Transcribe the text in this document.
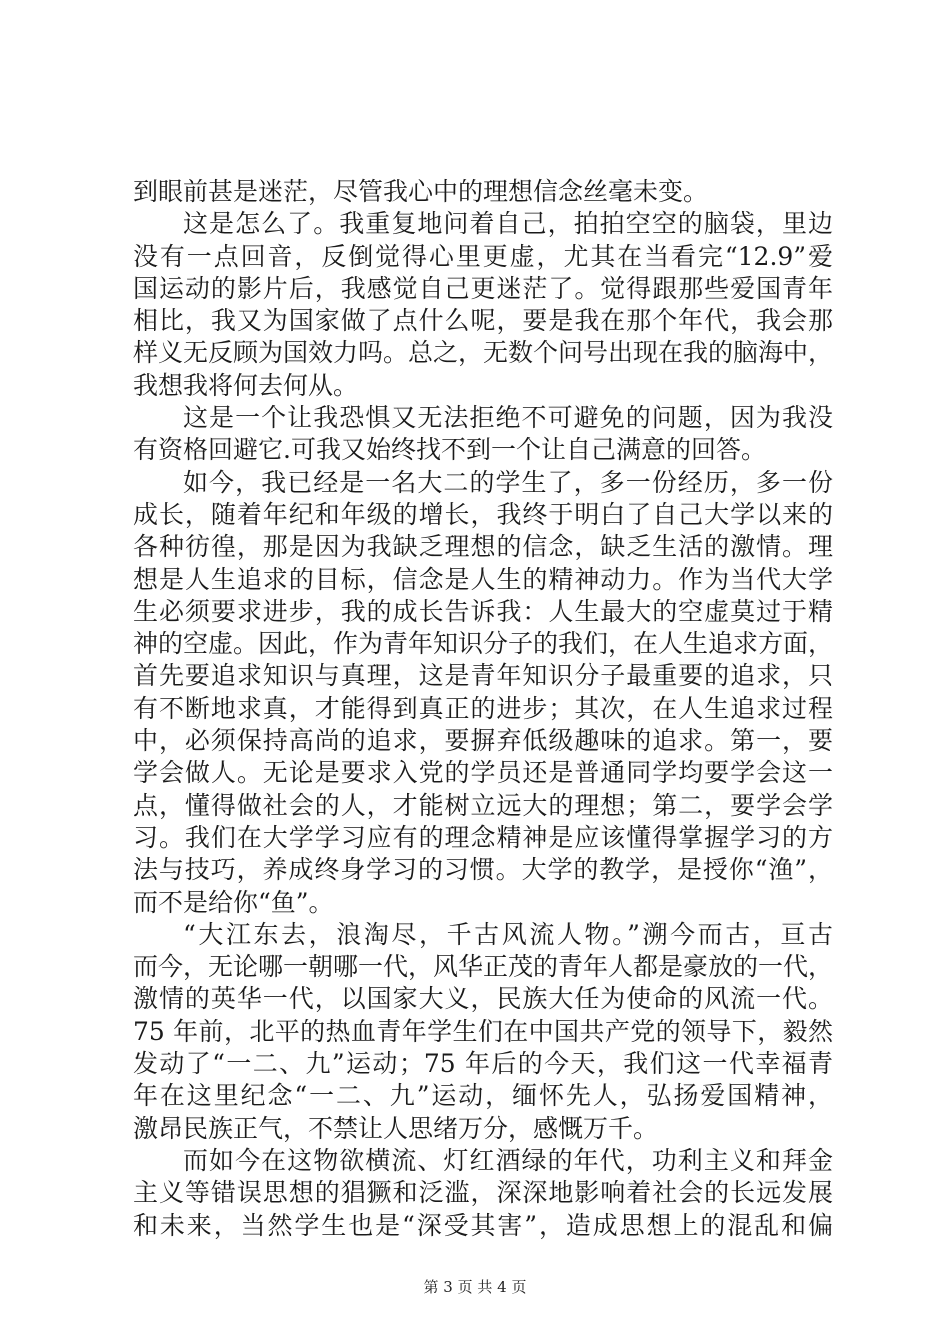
到眼前甚是迷茫，尽管我心中的理想信念丝毫未变。
这是怎么了。我重复地问着自己，拍拍空空的脑袋，里边
没有一点回音，反倒觉得心里更虚，尤其在当看完“12.9”爱
国运动的影片后，我感觉自己更迷茫了。觉得跟那些爱国青年
相比，我又为国家做了点什么呢，要是我在那个年代，我会那
样义无反顾为国效力吗。总之，无数个问号出现在我的脑海中，
我想我将何去何从。
这是一个让我恐惧又无法拒绝不可避免的问题，因为我没
有资格回避它.可我又始终找不到一个让自己满意的回答。
如今，我已经是一名大二的学生了，多一份经历，多一份
成长，随着年纪和年级的增长，我终于明白了自己大学以来的
各种彷徨，那是因为我缺乏理想的信念，缺乏生活的激情。理
想是人生追求的目标，信念是人生的精神动力。作为当代大学
生必须要求进步，我的成长告诉我：人生最大的空虚莫过于精
神的空虚。因此，作为青年知识分子的我们，在人生追求方面，
首先要追求知识与真理，这是青年知识分子最重要的追求，只
有不断地求真，才能得到真正的进步；其次，在人生追求过程
中，必须保持高尚的追求，要摒弃低级趣味的追求。第一，要
学会做人。无论是要求入党的学员还是普通同学均要学会这一
点，懂得做社会的人，才能树立远大的理想；第二，要学会学
习。我们在大学学习应有的理念精神是应该懂得掌握学习的方
法与技巧，养成终身学习的习惯。大学的教学，是授你“渔”，
而不是给你“鱼”。
“大江东去，浪淘尽，千古风流人物。”溯今而古，亘古
而今，无论哪一朝哪一代，风华正茂的青年人都是豪放的一代，
激情的英华一代，以国家大义，民族大任为使命的风流一代。
75 年前，北平的热血青年学生们在中国共产党的领导下，毅然
发动了“一二、九”运动；75 年后的今天，我们这一代幸福青
年在这里纪念“一二、九”运动，缅怀先人，弘扬爱国精神，
激昂民族正气，不禁让人思绪万分，感慨万千。
而如今在这物欲横流、灯红酒绿的年代，功利主义和拜金
主义等错误思想的猖獗和泛滥，深深地影响着社会的长远发展
和未来，当然学生也是“深受其害”，造成思想上的混乱和偏
第 3 页 共 4 页
